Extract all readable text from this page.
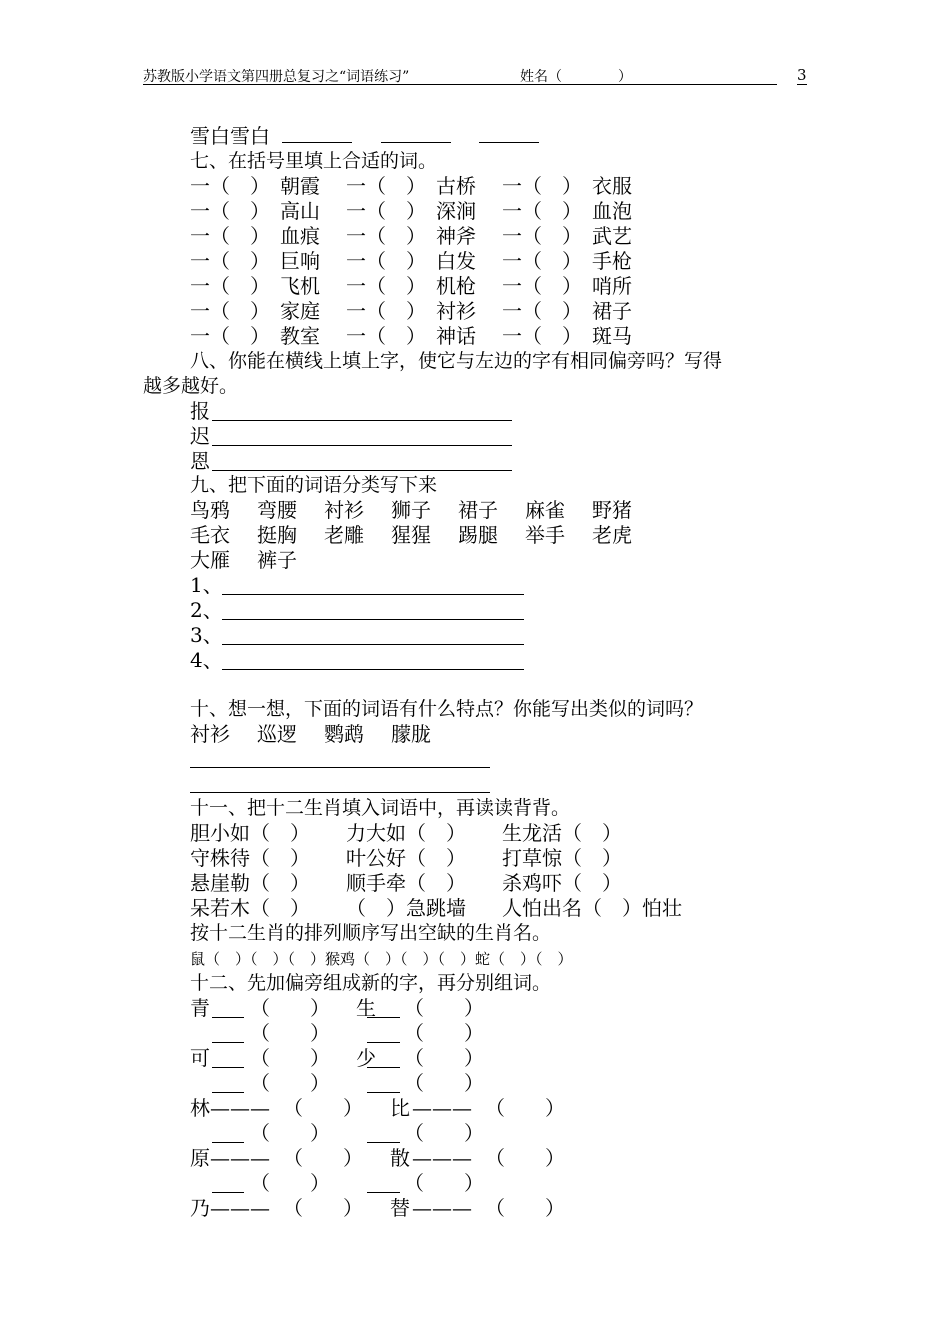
苏教版小学语文第四册总复习之“词语练习”	姓名（　　　　）	3
雪白雪白
七、在括号里填上合适的词。
一（　） 朝霞 一（　） 古桥 一（　） 衣服
一（　） 高山 一（　） 深涧 一（　） 血泡
一（　） 血痕 一（　） 神斧 一（　） 武艺
一（　） 巨响 一（　） 白发 一（　） 手枪
一（　） 飞机 一（　） 机枪 一（　） 哨所
一（　） 家庭 一（　） 衬衫 一（　） 裙子
一（　） 教室 一（　） 神话 一（　） 斑马
八、你能在横线上填上字，使它与左边的字有相同偏旁吗？写得
越多越好。
报
迟
恩
九、把下面的词语分类写下来
鸟鸦 弯腰 衬衫 狮子 裙子 麻雀 野猪
毛衣 挺胸 老雕 猩猩 踢腿 举手 老虎
大雁 裤子
1、
2、
3、
4、
十、想一想，下面的词语有什么特点？你能写出类似的词吗？
衬衫 巡逻 鹦鹉 朦胧
十一、把十二生肖填入词语中，再读读背背。
胆小如（　） 力大如（　） 生龙活（　）
守株待（　） 叶公好（　） 打草惊（　）
悬崖勒（　） 顺手牵（　） 杀鸡吓（　）
呆若木（　） （　）急跳墙 人怕出名（　）怕壮
按十二生肖的排列顺序写出空缺的生肖名。
鼠（　）（　）（　）猴鸡（　）（　）（　）蛇（　）（　）
十二、先加偏旁组成新的字，再分别组词。
青	生
（　　）	（　　）
（　　）	（　　）
可	少
（　　）	（　　）
（　　）	（　　）
林 ——— （　　） 比 ——— （　　）
（　　）	（　　）
原 ——— （　　） 散 ——— （　　）
（　　）	（　　）
乃 ——— （　　） 替 ——— （　　）
